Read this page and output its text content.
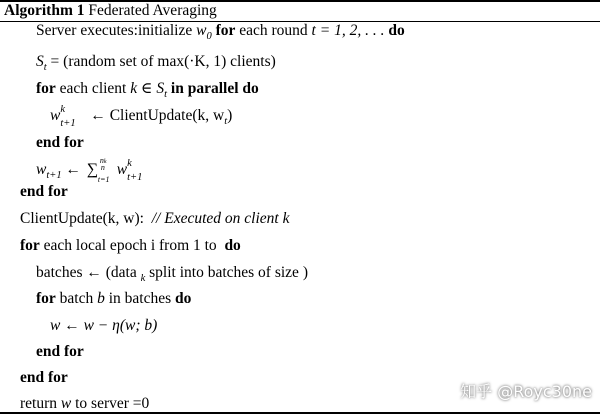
Algorithm 1 Federated Averaging
Server executes:initialize $w_0$ for each round t = 1, 2, . . . do
$S_t$ = (random set of max(·K, 1) clients)
for each client k ∈ $S_t$ in parallel do
w k
t+1 ← ClientUpdate(k, $w_t$)
end for
$w_{t+1}$ ← ∑
nk
n
t=1
w k
t+1
end for
ClientUpdate(k, w): // Executed on client k
for each local epoch i from 1 to do
batches ← (data $_k$ split into batches of size )
for batch b in batches do
w ← w − η(w; b)
end for
end for
return w to server =0
知乎 @Royc30ne
